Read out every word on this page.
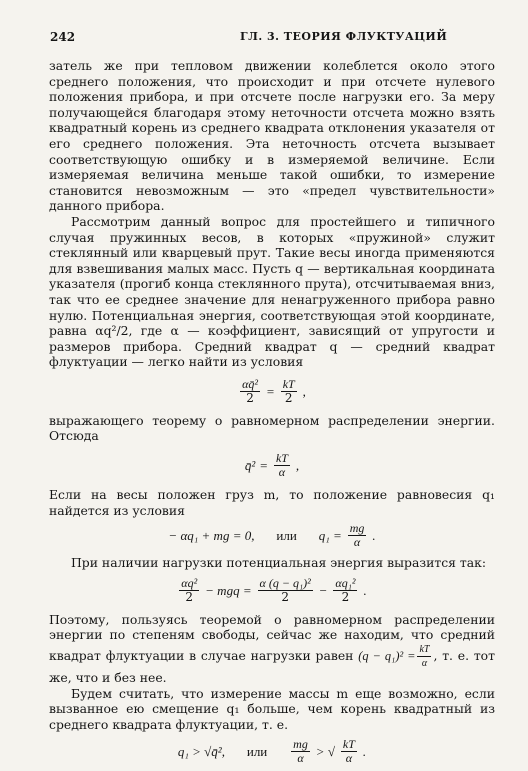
242	ГЛ. 3. ТЕОРИЯ ФЛУКТУАЦИЙ

затель же при тепловом движении колеблется около этого среднего положения, что происходит и при отсчете нулевого положения прибора, и при отсчете после нагрузки его. За меру получающейся благодаря этому неточности отсчета можно взять квадратный корень из среднего квадрата отклонения указателя от его среднего положения. Эта неточность отсчета вызывает соответствующую ошибку и в измеряемой величине. Если измеряемая величина меньше такой ошибки, то измерение становится невозможным — это «предел чувствительности» данного прибора.

Рассмотрим данный вопрос для простейшего и типичного случая пружинных весов, в которых «пружиной» служит стеклянный или кварцевый прут. Такие весы иногда применяются для взвешивания малых масс. Пусть q — вертикальная координата указателя (прогиб конца стеклянного прута), отсчитываемая вниз, так что ее среднее значение для ненагруженного прибора равно нулю. Потенциальная энергия, соответствующая этой координате, равна αq²/2, где α — коэффициент, зависящий от упругости и размеров прибора. Средний квадрат q — средний квадрат флуктуации — легко найти из условия

$\frac{\text{αq̄²}}{2} = \frac{kT}{2}$ ,

выражающего теорему о равномерном распределении энергии. Отсюда

q̄² = $\frac{kT}{\alpha}$ ,

Если на весы положен груз m, то положение равновесия q₁ найдется из условия

− αq₁ + mg = 0, или $q_1 = \frac{mg}{\alpha}$ .

При наличии нагрузки потенциальная энергия выразится так:

$\frac{\text{αq²}}{2}$ − mgq = $\frac{\text{α (q − q₁)²}}{2} - \frac{\text{αq₁²}}{2}$ .

Поэтому, пользуясь теоремой о равномерном распределении энергии по степеням свободы, сейчас же находим, что средний квадрат флуктуации в случае нагрузки равен $(q - q_1)^2 = \frac{kT}{\alpha}$ , т. е. тот же, что и без нее.

Будем считать, что измерение массы m еще возможно, если вызванное ею смещение q₁ больше, чем корень квадратный из среднего квадрата флуктуации, т. е.

q₁ > √q̄², или $\frac{mg}{\alpha}$ > √ $\frac{kT}{\alpha}$ .
